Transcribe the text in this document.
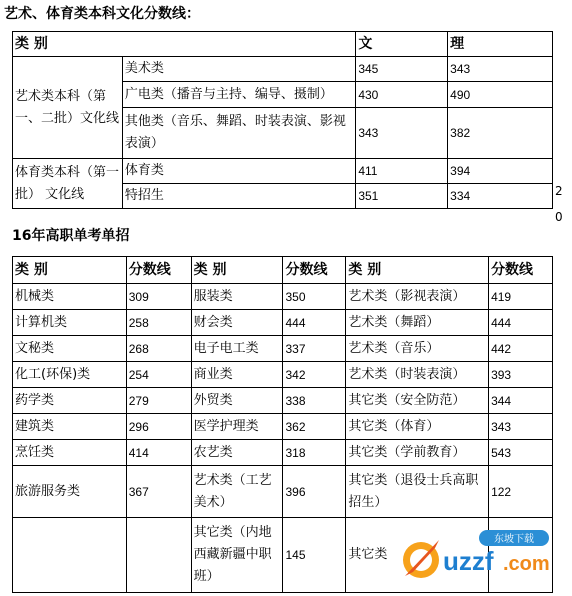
艺术、体育类本科文化分数线：
类 别		文	理
艺术类本科（第一、二批）文化线	美术类	345	343
	广电类（播音与主持、编导、摄制）	430	490
	其他类（音乐、舞蹈、时装表演、影视表演）	343	382
体育类本科（第一批） 文化线	体育类	411	394
	特招生	351	334	2
0
16年高职单考单招
类 别	分数线	类 别	分数线	类 别	分数线
机械类	309	服装类	350	艺术类（影视表演）	419
计算机类	258	财会类	444	艺术类（舞蹈）	444
文秘类	268	电子电工类	337	艺术类（音乐）	442
化工(环保)类	254	商业类	342	艺术类（时装表演）	393
药学类	279	外贸类	338	其它类（安全防范）	344
建筑类	296	医学护理类	362	其它类（体育）	343
烹饪类	414	农艺类	318	其它类（学前教育）	543
旅游服务类	367	艺术类（工艺美术）	396	其它类（退役士兵高职招生）	122
		其它类（内地西藏新疆中职班）	145	其它类	
东坡下载
uzzf .com
